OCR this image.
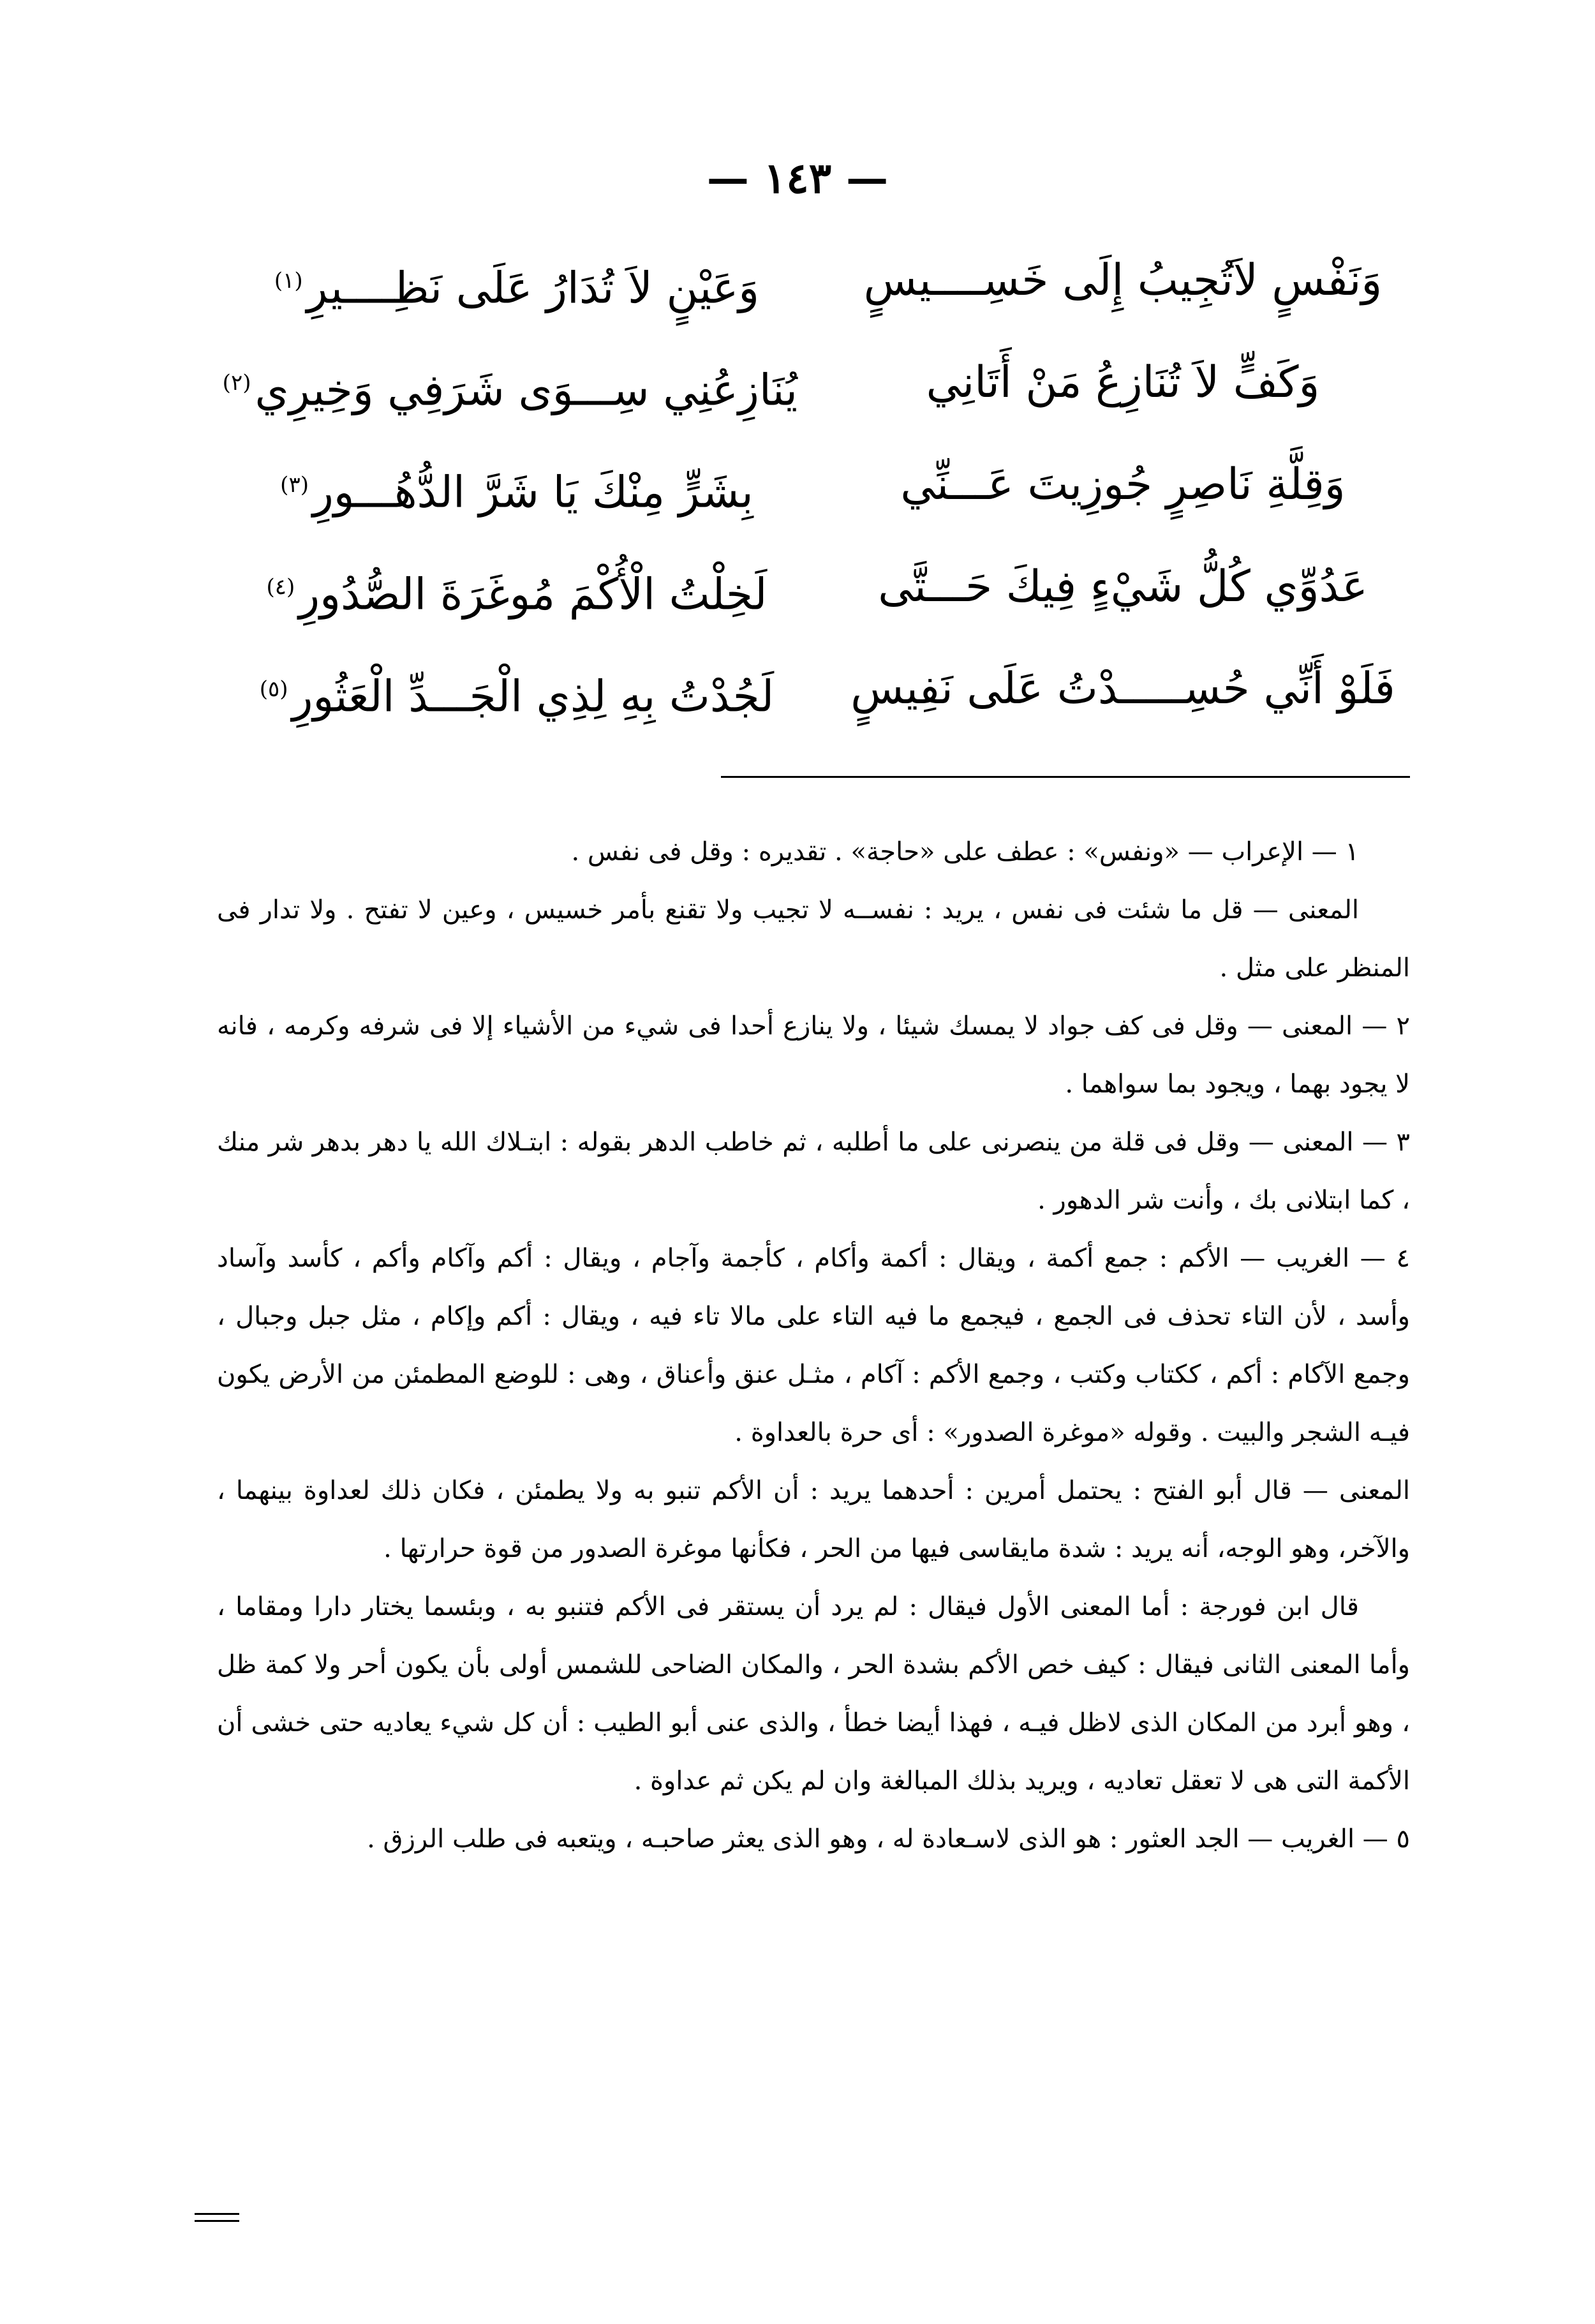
— ١٤٣ —
وَنَفْسٍ لاَتُجِيبُ إِلَى خَسِــــيسٍ
وَعَيْنٍ لاَ تُدَارُ عَلَى نَظِــــيرِ$^{(١)}$
وَكَفٍّ لاَ تُنَازِعُ مَنْ أَتَانِي
يُنَازِعُنِي سِـــوَى شَرَفِي وَخِيرِي$^{(٢)}$
وَقِلَّةِ نَاصِرٍ جُوزِيتَ عَـــنِّي
بِشَرٍّ مِنْكَ يَا شَرَّ الدُّهُـــورِ$^{(٣)}$
عَدُوِّي كُلُّ شَيْءٍ فِيكَ حَـــتَّى
لَخِلْتُ الْأُكْمَ مُوغَرَةَ الصُّدُورِ$^{(٤)}$
فَلَوْ أَنِّي حُسِـــــدْتُ عَلَى نَفِيسٍ
لَجُدْتُ بِهِ لِذِي الْجَـــدِّ الْعَثُورِ$^{(٥)}$

١ — الإعراب — «ونفس» : عطف على «حاجة» . تقديره : وقل فى نفس .

المعنى — قل ما شئت فى نفس ، يريد : نفســه لا تجيب ولا تقنع بأمر خسيس ، وعين لا تفتح . ولا تدار فى المنظر على مثل .

٢ — المعنى — وقل فى كف جواد لا يمسك شيئا ، ولا ينازع أحدا فى شيء من الأشياء إلا فى شرفه وكرمه ، فانه لا يجود بهما ، ويجود بما سواهما .

٣ — المعنى — وقل فى قلة من ينصرنى على ما أطلبه ، ثم خاطب الدهر بقوله : ابتـلاك الله يا دهر بدهر شر منك ، كما ابتلانى بك ، وأنت شر الدهور .

٤ — الغريب — الأكم : جمع أكمة ، ويقال : أكمة وأكام ، كأجمة وآجام ، ويقال : أكم وآكام وأكم ، كأسد وآساد وأسد ، لأن التاء تحذف فى الجمع ، فيجمع ما فيه التاء على مالا تاء فيه ، ويقال : أكم وإكام ، مثل جبل وجبال ، وجمع الآكام : أكم ، ككتاب وكتب ، وجمع الأكم : آكام ، مثـل عنق وأعناق ، وهى : للوضع المطمئن من الأرض يكون فيـه الشجر والبيت . وقوله «موغرة الصدور» : أى حرة بالعداوة .

المعنى — قال أبو الفتح : يحتمل أمرين : أحدهما يريد : أن الأكم تنبو به ولا يطمئن ، فكان ذلك لعداوة بينهما ، والآخر، وهو الوجه، أنه يريد : شدة مايقاسى فيها من الحر ، فكأنها موغرة الصدور من قوة حرارتها .

قال ابن فورجة : أما المعنى الأول فيقال : لم يرد أن يستقر فى الأكم فتنبو به ، وبئسما يختار دارا ومقاما ، وأما المعنى الثانى فيقال : كيف خص الأكم بشدة الحر ، والمكان الضاحى للشمس أولى بأن يكون أحر ولا كمة ظل ، وهو أبرد من المكان الذى لاظل فيـه ، فهذا أيضا خطأ ، والذى عنى أبو الطيب : أن كل شيء يعاديه حتى خشى أن الأكمة التى هى لا تعقل تعاديه ، ويريد بذلك المبالغة وان لم يكن ثم عداوة .

٥ — الغريب — الجد العثور : هو الذى لاسـعادة له ، وهو الذى يعثر صاحبـه ، ويتعبه فى طلب الرزق .
